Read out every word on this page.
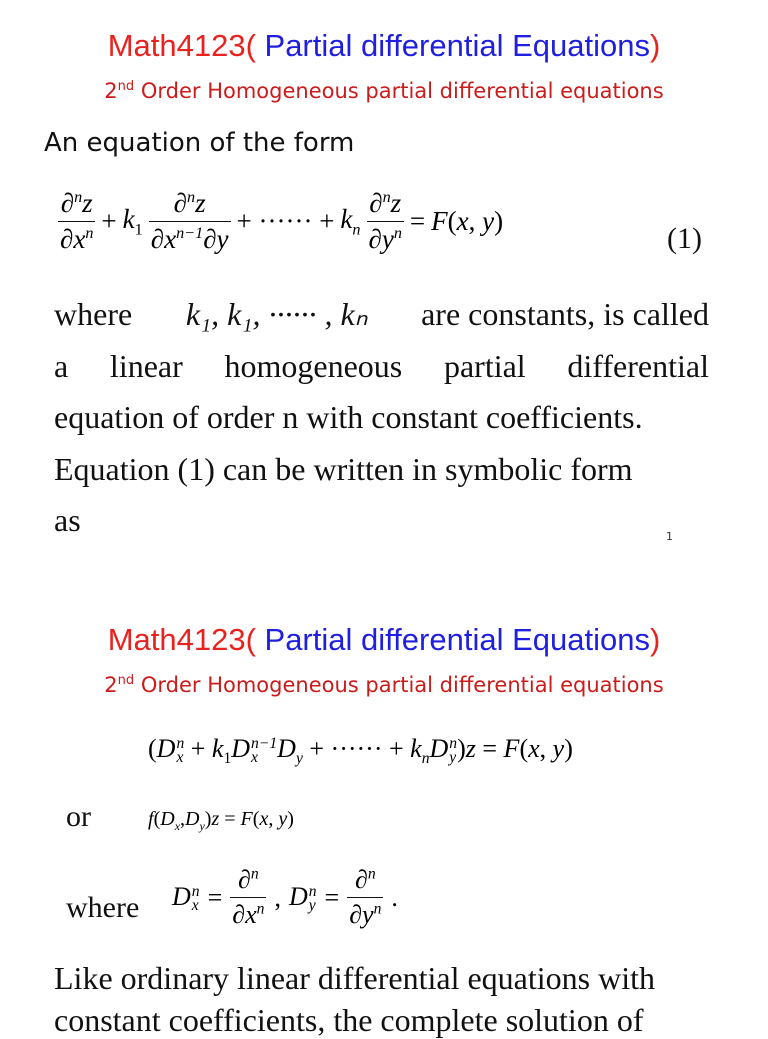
Math4123( Partial differential Equations)
2nd Order Homogeneous partial differential equations
An equation of the form
$\frac{\partial^nz}{\partial x^n} + k_1 \frac{\partial^nz}{\partial x^{n-1}\partial y}$ + ······ + $k_n \frac{\partial^nz}{\partial y^n} = F(x$, y)
(1)
where k₁, k₁, ······ , kₙ are constants, is called
a linear homogeneous partial differential
equation of order n with constant coefficients.
Equation (1) can be written in symbolic form
as	1
Math4123( Partial differential Equations)
2nd Order Homogeneous partial differential equations
(D n
$x + k_1D$ n−1
x $D_y$ + ······ + $k_nD$ n
y )z = F(x, y)
or	$f(D_x,D_y)z = F(x$, y)
where D n
$x = \frac{\partial^n}{\partial x^n}$ , D n
$y = \frac{\partial^n}{\partial y^n}$ .
Like ordinary linear differential equations with
constant coefficients, the complete solution of
